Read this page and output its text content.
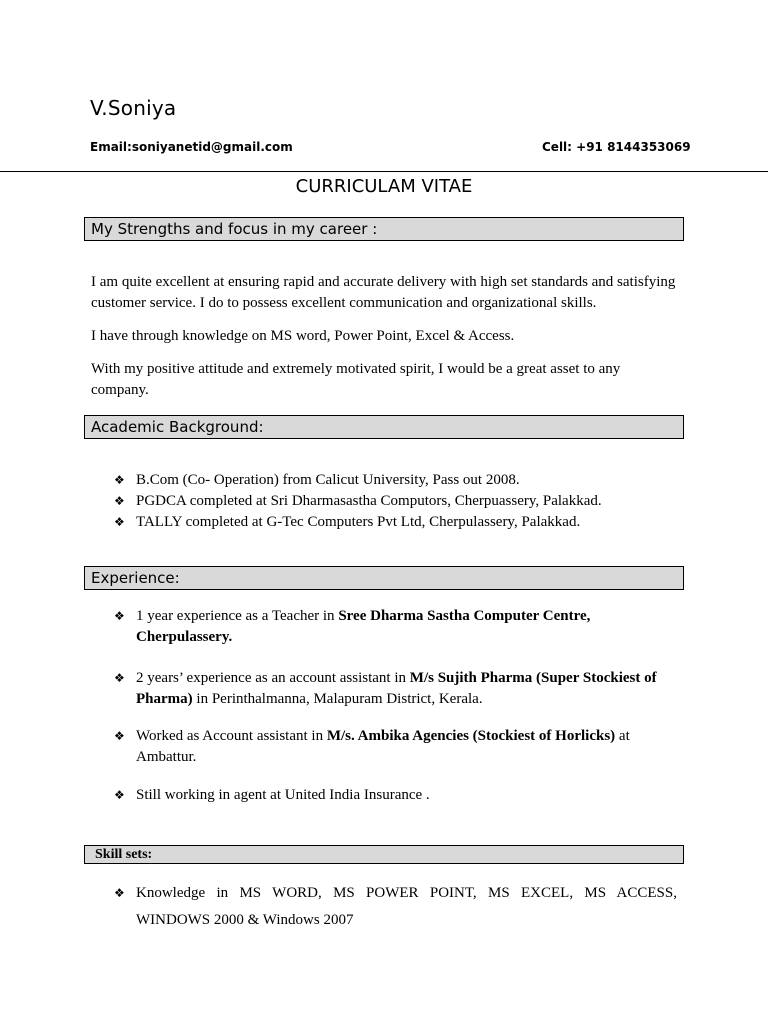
V.Soniya
Email:soniyanetid@gmail.com	Cell: +91 8144353069
CURRICULAM VITAE
My Strengths and focus in my career :
I am quite excellent at ensuring rapid and accurate delivery with high set standards and satisfying customer service. I do to possess excellent communication and organizational skills.
I have through knowledge on MS word, Power Point, Excel & Access.
With my positive attitude and extremely motivated spirit, I would be a great asset to any company.
Academic Background:
❖ B.Com (Co- Operation) from Calicut University, Pass out 2008.
❖ PGDCA completed at Sri Dharmasastha Computors, Cherpuassery, Palakkad.
❖ TALLY completed at G-Tec Computers Pvt Ltd, Cherpulassery, Palakkad.
Experience:
❖ 1 year experience as a Teacher in Sree Dharma Sastha Computer Centre, Cherpulassery.
❖ 2 years’ experience as an account assistant in M/s Sujith Pharma (Super Stockiest of Pharma) in Perinthalmanna, Malapuram District, Kerala.
❖ Worked as Account assistant in M/s. Ambika Agencies (Stockiest of Horlicks) at Ambattur.
❖ Still working in agent at United India Insurance .
Skill sets:
❖ Knowledge in MS WORD, MS POWER POINT, MS EXCEL, MS ACCESS, WINDOWS 2000 & Windows 2007
